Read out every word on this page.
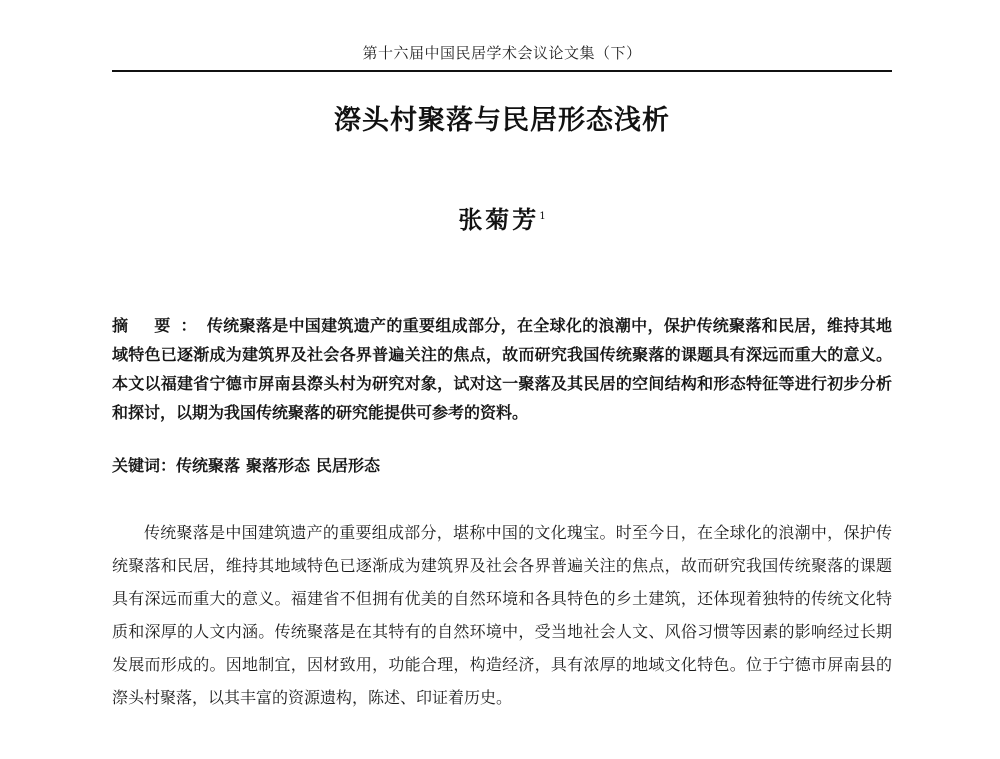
第十六届中国民居学术会议论文集（下）
漈头村聚落与民居形态浅析
张菊芳$^1$
摘 要：传统聚落是中国建筑遗产的重要组成部分，在全球化的浪潮中，保护传统聚落和民居，维持其地域特色已逐渐成为建筑界及社会各界普遍关注的焦点，故而研究我国传统聚落的课题具有深远而重大的意义。本文以福建省宁德市屏南县漈头村为研究对象，试对这一聚落及其民居的空间结构和形态特征等进行初步分析和探讨，以期为我国传统聚落的研究能提供可参考的资料。
关键词：传统聚落 聚落形态 民居形态
传统聚落是中国建筑遗产的重要组成部分，堪称中国的文化瑰宝。时至今日，在全球化的浪潮中，保护传统聚落和民居，维持其地域特色已逐渐成为建筑界及社会各界普遍关注的焦点，故而研究我国传统聚落的课题具有深远而重大的意义。福建省不但拥有优美的自然环境和各具特色的乡土建筑，还体现着独特的传统文化特质和深厚的人文内涵。传统聚落是在其特有的自然环境中，受当地社会人文、风俗习惯等因素的影响经过长期发展而形成的。因地制宜，因材致用，功能合理，构造经济，具有浓厚的地域文化特色。位于宁德市屏南县的漈头村聚落，以其丰富的资源遗构，陈述、印证着历史。
